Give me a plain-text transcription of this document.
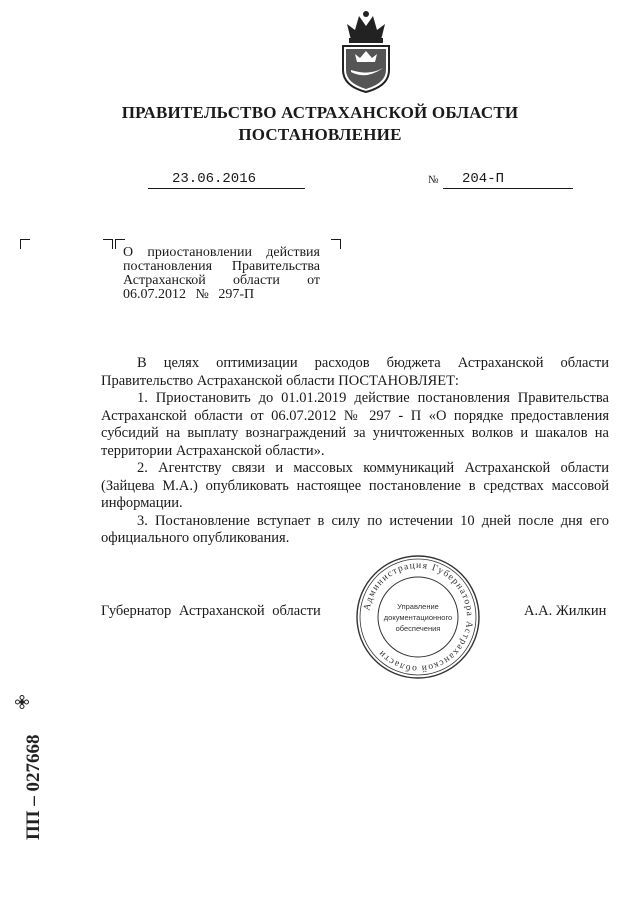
ПРАВИТЕЛЬСТВО АСТРАХАНСКОЙ ОБЛАСТИ
ПОСТАНОВЛЕНИЕ
23.06.2016	№ 204-П
О приостановлении действия
постановления Правительства
Астраханской области от
06.07.2012 № 297-П
В целях оптимизации расходов бюджета Астраханской области Правительство Астраханской области ПОСТАНОВЛЯЕТ:
1. Приостановить до 01.01.2019 действие постановления Правительства Астраханской области от 06.07.2012 № 297 - П «О порядке предоставления субсидий на выплату вознаграждений за уничтоженных волков и шакалов на территории Астраханской области».
2. Агентству связи и массовых коммуникаций Астраханской области (Зайцева М.А.) опубликовать настоящее постановление в средствах массовой информации.
3. Постановление вступает в силу по истечении 10 дней после дня его официального опубликования.
Губернатор Астраханской области	Администрация Губернатора Астраханской области
Управление
документационного
обеспечения
А.А. Жилкин
ПП – 027668
